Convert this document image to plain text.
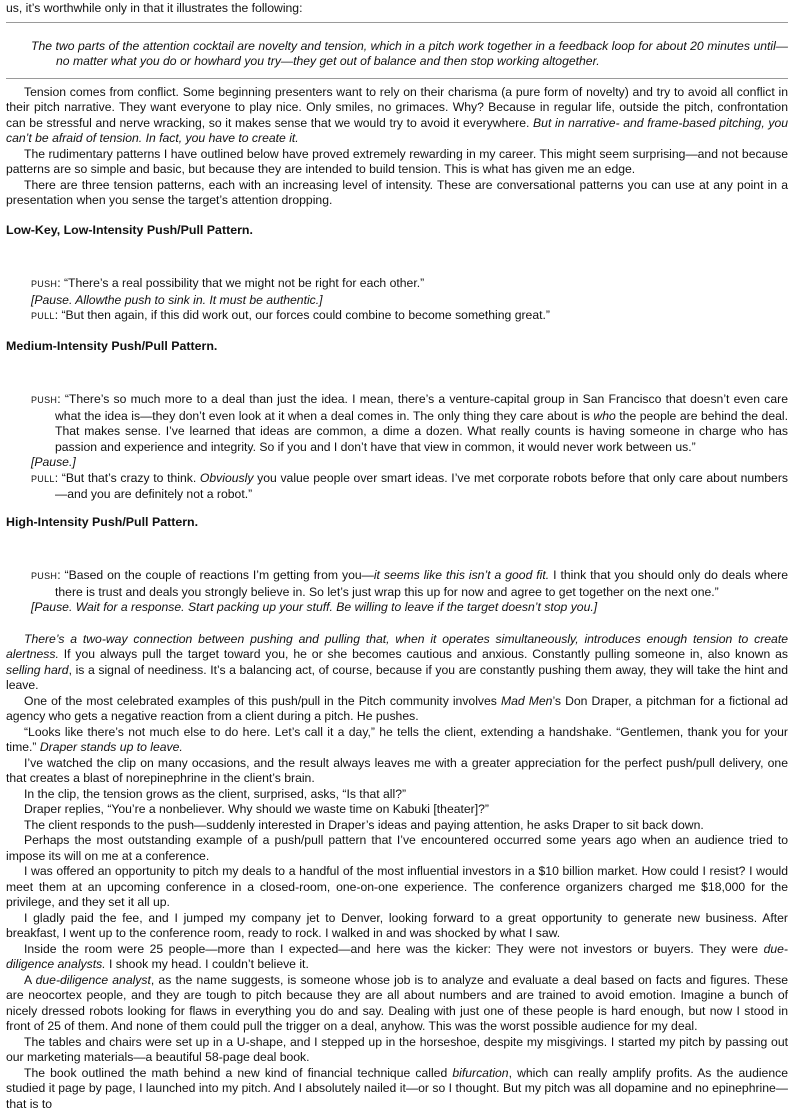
us, it’s worthwhile only in that it illustrates the following:

The two parts of the attention cocktail are novelty and tension, which in a pitch work together in a feedback loop for about 20 minutes until—no matter what you do or howhard you try—they get out of balance and then stop working altogether.

Tension comes from conflict. Some beginning presenters want to rely on their charisma (a pure form of novelty) and try to avoid all conflict in their pitch narrative. They want everyone to play nice. Only smiles, no grimaces. Why? Because in regular life, outside the pitch, confrontation can be stressful and nerve wracking, so it makes sense that we would try to avoid it everywhere. But in narrative- and frame-based pitching, you can’t be afraid of tension. In fact, you have to create it.

The rudimentary patterns I have outlined below have proved extremely rewarding in my career. This might seem surprising—and not because patterns are so simple and basic, but because they are intended to build tension. This is what has given me an edge.

There are three tension patterns, each with an increasing level of intensity. These are conversational patterns you can use at any point in a presentation when you sense the target’s attention dropping.

Low-Key, Low-Intensity Push/Pull Pattern.

PUSH: “There’s a real possibility that we might not be right for each other.”

[Pause. Allowthe push to sink in. It must be authentic.]

PULL: “But then again, if this did work out, our forces could combine to become something great.”

Medium-Intensity Push/Pull Pattern.

PUSH: “There’s so much more to a deal than just the idea. I mean, there’s a venture-capital group in San Francisco that doesn’t even care what the idea is—they don’t even look at it when a deal comes in. The only thing they care about is who the people are behind the deal. That makes sense. I’ve learned that ideas are common, a dime a dozen. What really counts is having someone in charge who has passion and experience and integrity. So if you and I don’t have that view in common, it would never work between us.”

[Pause.]

PULL: “But that’s crazy to think. Obviously you value people over smart ideas. I’ve met corporate robots before that only care about numbers—and you are definitely not a robot.”

High-Intensity Push/Pull Pattern.

PUSH: “Based on the couple of reactions I’m getting from you—it seems like this isn’t a good fit. I think that you should only do deals where there is trust and deals you strongly believe in. So let’s just wrap this up for now and agree to get together on the next one.”

[Pause. Wait for a response. Start packing up your stuff. Be willing to leave if the target doesn’t stop you.]

There’s a two-way connection between pushing and pulling that, when it operates simultaneously, introduces enough tension to create alertness. If you always pull the target toward you, he or she becomes cautious and anxious. Constantly pulling someone in, also known as selling hard, is a signal of neediness. It’s a balancing act, of course, because if you are constantly pushing them away, they will take the hint and leave.

One of the most celebrated examples of this push/pull in the Pitch community involves Mad Men’s Don Draper, a pitchman for a fictional ad agency who gets a negative reaction from a client during a pitch. He pushes.

“Looks like there’s not much else to do here. Let’s call it a day,” he tells the client, extending a handshake. “Gentlemen, thank you for your time.” Draper stands up to leave.

I’ve watched the clip on many occasions, and the result always leaves me with a greater appreciation for the perfect push/pull delivery, one that creates a blast of norepinephrine in the client’s brain.

In the clip, the tension grows as the client, surprised, asks, “Is that all?”

Draper replies, “You’re a nonbeliever. Why should we waste time on Kabuki [theater]?”

The client responds to the push—suddenly interested in Draper’s ideas and paying attention, he asks Draper to sit back down.

Perhaps the most outstanding example of a push/pull pattern that I’ve encountered occurred some years ago when an audience tried to impose its will on me at a conference.

I was offered an opportunity to pitch my deals to a handful of the most influential investors in a $10 billion market. How could I resist? I would meet them at an upcoming conference in a closed-room, one-on-one experience. The conference organizers charged me $18,000 for the privilege, and they set it all up.

I gladly paid the fee, and I jumped my company jet to Denver, looking forward to a great opportunity to generate new business. After breakfast, I went up to the conference room, ready to rock. I walked in and was shocked by what I saw.

Inside the room were 25 people—more than I expected—and here was the kicker: They were not investors or buyers. They were due-diligence analysts. I shook my head. I couldn’t believe it.

A due-diligence analyst, as the name suggests, is someone whose job is to analyze and evaluate a deal based on facts and figures. These are neocortex people, and they are tough to pitch because they are all about numbers and are trained to avoid emotion. Imagine a bunch of nicely dressed robots looking for flaws in everything you do and say. Dealing with just one of these people is hard enough, but now I stood in front of 25 of them. And none of them could pull the trigger on a deal, anyhow. This was the worst possible audience for my deal.

The tables and chairs were set up in a U-shape, and I stepped up in the horseshoe, despite my misgivings. I started my pitch by passing out our marketing materials—a beautiful 58-page deal book.

The book outlined the math behind a new kind of financial technique called bifurcation, which can really amplify profits. As the audience studied it page by page, I launched into my pitch. And I absolutely nailed it—or so I thought. But my pitch was all dopamine and no epinephrine—that is to
